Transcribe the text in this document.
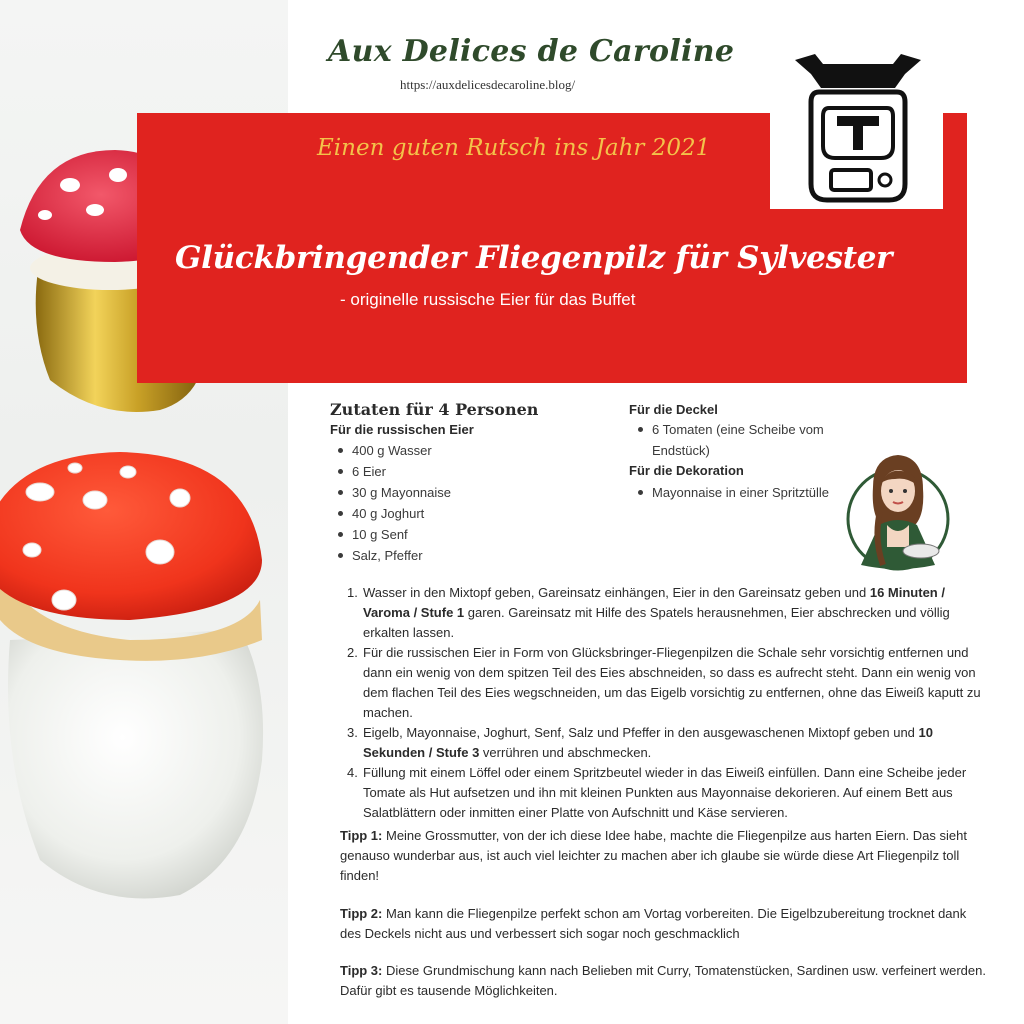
Aux Delices de Caroline
https://auxdelicesdecaroline.blog/
Einen guten Rutsch ins Jahr 2021
Glückbringender Fliegenpilz für Sylvester
- originelle russische Eier für das Buffet
Zutaten für 4 Personen
Für die russischen Eier
400 g Wasser
6 Eier
30 g Mayonnaise
40 g Joghurt
10 g Senf
Salz, Pfeffer
Für die Deckel
6 Tomaten (eine Scheibe vom Endstück)
Für die Dekoration
Mayonnaise in einer Spritztülle
1. Wasser in den Mixtopf geben, Gareinsatz einhängen, Eier in den Gareinsatz geben und 16 Minuten / Varoma / Stufe 1 garen. Gareinsatz mit Hilfe des Spatels herausnehmen, Eier abschrecken und völlig erkalten lassen.
2. Für die russischen Eier in Form von Glücksbringer-Fliegenpilzen die Schale sehr vorsichtig entfernen und dann ein wenig von dem spitzen Teil des Eies abschneiden, so dass es aufrecht steht. Dann ein wenig von dem flachen Teil des Eies wegschneiden, um das Eigelb vorsichtig zu entfernen, ohne das Eiweiß kaputt zu machen.
3. Eigelb, Mayonnaise, Joghurt, Senf, Salz und Pfeffer in den ausgewaschenen Mixtopf geben und 10 Sekunden / Stufe 3 verrühren und abschmecken.
4. Füllung mit einem Löffel oder einem Spritzbeutel wieder in das Eiweiß einfüllen. Dann eine Scheibe jeder Tomate als Hut aufsetzen und ihn mit kleinen Punkten aus Mayonnaise dekorieren. Auf einem Bett aus Salatblättern oder inmitten einer Platte von Aufschnitt und Käse servieren.
Tipp 1: Meine Grossmutter, von der ich diese Idee habe, machte die Fliegenpilze aus harten Eiern. Das sieht genauso wunderbar aus, ist auch viel leichter zu machen aber ich glaube sie würde diese Art Fliegenpilz toll finden!
Tipp 2: Man kann die Fliegenpilze perfekt schon am Vortag vorbereiten. Die Eigelbzubereitung trocknet dank des Deckels nicht aus und verbessert sich sogar noch geschmacklich
Tipp 3: Diese Grundmischung kann nach Belieben mit Curry, Tomatenstücken, Sardinen usw. verfeinert werden. Dafür gibt es tausende Möglichkeiten.
